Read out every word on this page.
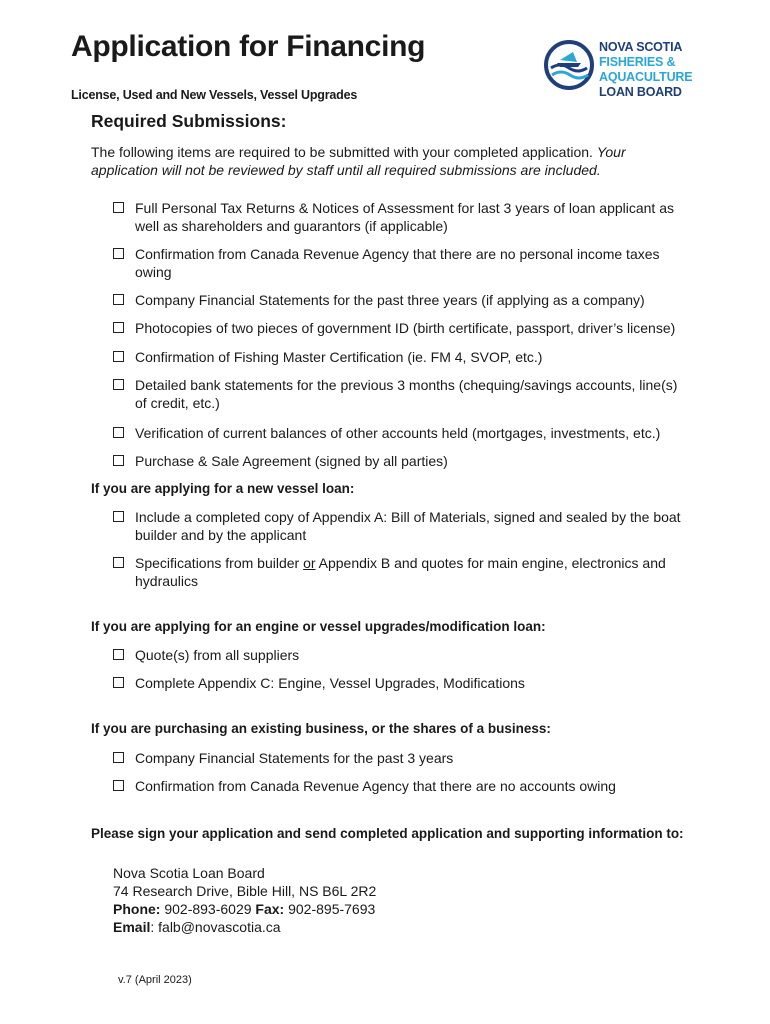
Application for Financing
License, Used and New Vessels, Vessel Upgrades
NOVA SCOTIA
FISHERIES & AQUACULTURE
LOAN BOARD
Required Submissions:
The following items are required to be submitted with your completed application. Your application will not be reviewed by staff until all required submissions are included.
Full Personal Tax Returns & Notices of Assessment for last 3 years of loan applicant as well as shareholders and guarantors (if applicable)
Confirmation from Canada Revenue Agency that there are no personal income taxes owing
Company Financial Statements for the past three years (if applying as a company)
Photocopies of two pieces of government ID (birth certificate, passport, driver’s license)
Confirmation of Fishing Master Certification (ie. FM 4, SVOP, etc.)
Detailed bank statements for the previous 3 months (chequing/savings accounts, line(s) of credit, etc.)
Verification of current balances of other accounts held (mortgages, investments, etc.)
Purchase & Sale Agreement (signed by all parties)
If you are applying for a new vessel loan:
Include a completed copy of Appendix A: Bill of Materials, signed and sealed by the boat builder and by the applicant
Specifications from builder or Appendix B and quotes for main engine, electronics and hydraulics
If you are applying for an engine or vessel upgrades/modification loan:
Quote(s) from all suppliers
Complete Appendix C: Engine, Vessel Upgrades, Modifications
If you are purchasing an existing business, or the shares of a business:
Company Financial Statements for the past 3 years
Confirmation from Canada Revenue Agency that there are no accounts owing
Please sign your application and send completed application and supporting information to:
Nova Scotia Loan Board
74 Research Drive, Bible Hill, NS B6L 2R2
Phone: 902-893-6029 Fax: 902-895-7693
Email: falb@novascotia.ca
v.7 (April 2023)
